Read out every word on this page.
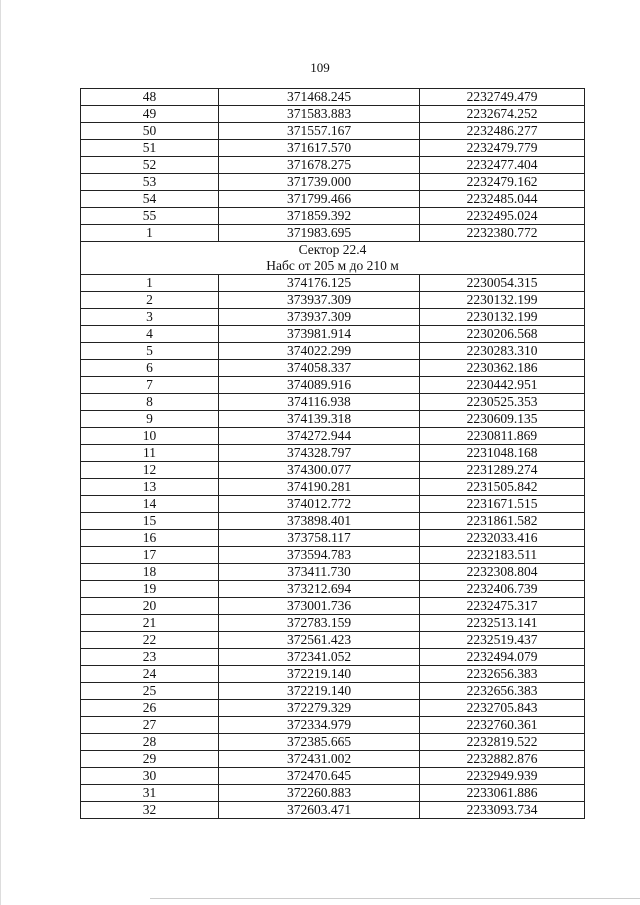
109
48	371468.245	2232749.479
49	371583.883	2232674.252
50	371557.167	2232486.277
51	371617.570	2232479.779
52	371678.275	2232477.404
53	371739.000	2232479.162
54	371799.466	2232485.044
55	371859.392	2232495.024
1	371983.695	2232380.772

Сектор 22.4
Набс от 205 м до 210 м		

1	374176.125	2230054.315
2	373937.309	2230132.199
3	373937.309	2230132.199
4	373981.914	2230206.568
5	374022.299	2230283.310
6	374058.337	2230362.186
7	374089.916	2230442.951
8	374116.938	2230525.353
9	374139.318	2230609.135
10	374272.944	2230811.869
11	374328.797	2231048.168
12	374300.077	2231289.274
13	374190.281	2231505.842
14	374012.772	2231671.515
15	373898.401	2231861.582
16	373758.117	2232033.416
17	373594.783	2232183.511
18	373411.730	2232308.804
19	373212.694	2232406.739
20	373001.736	2232475.317
21	372783.159	2232513.141
22	372561.423	2232519.437
23	372341.052	2232494.079
24	372219.140	2232656.383
25	372219.140	2232656.383
26	372279.329	2232705.843
27	372334.979	2232760.361
28	372385.665	2232819.522
29	372431.002	2232882.876
30	372470.645	2232949.939
31	372260.883	2233061.886
32	372603.471	2233093.734
